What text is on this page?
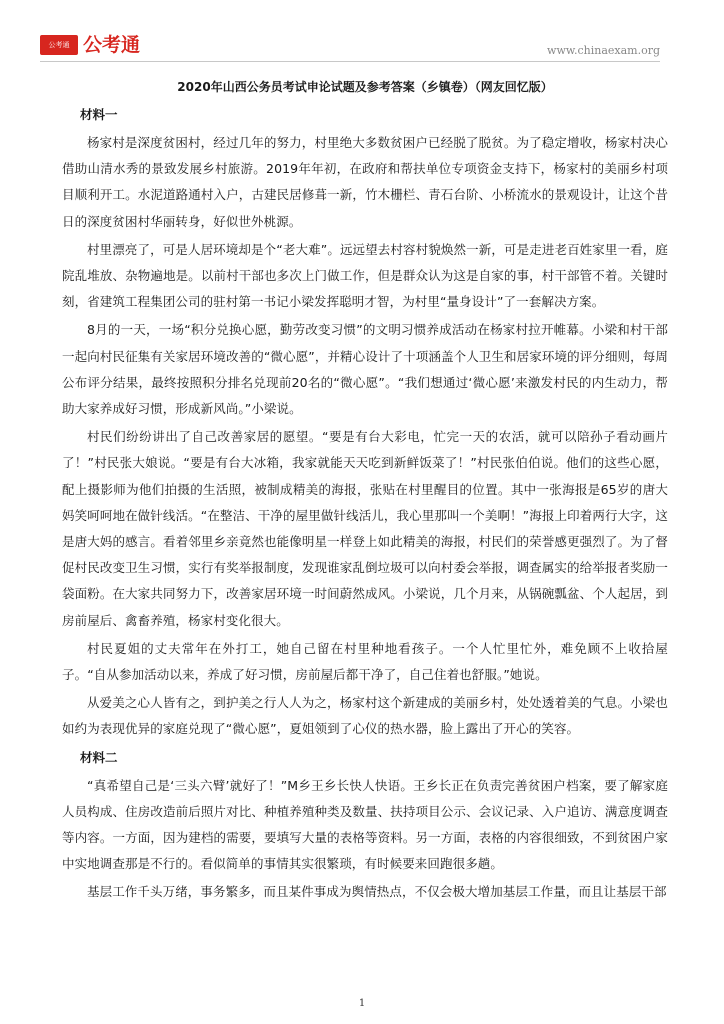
公考通 公考通	www.chinaexam.org
2020年山西公务员考试申论试题及参考答案（乡镇卷）（网友回忆版）
材料一

杨家村是深度贫困村，经过几年的努力，村里绝大多数贫困户已经脱了脱贫。为了稳定增收，杨家村决心借助山清水秀的景致发展乡村旅游。2019年年初，在政府和帮扶单位专项资金支持下，杨家村的美丽乡村项目顺利开工。水泥道路通村入户，古建民居修葺一新，竹木栅栏、青石台阶、小桥流水的景观设计，让这个昔日的深度贫困村华丽转身，好似世外桃源。

村里漂亮了，可是人居环境却是个“老大难”。远远望去村容村貌焕然一新，可是走进老百姓家里一看，庭院乱堆放、杂物遍地是。以前村干部也多次上门做工作，但是群众认为这是自家的事，村干部管不着。关键时刻，省建筑工程集团公司的驻村第一书记小梁发挥聪明才智，为村里“量身设计”了一套解决方案。

8月的一天，一场“积分兑换心愿，勤劳改变习惯”的文明习惯养成活动在杨家村拉开帷幕。小梁和村干部一起向村民征集有关家居环境改善的“微心愿”，并精心设计了十项涵盖个人卫生和居家环境的评分细则，每周公布评分结果，最终按照积分排名兑现前20名的“微心愿”。“我们想通过‘微心愿’来激发村民的内生动力，帮助大家养成好习惯，形成新风尚。”小梁说。

村民们纷纷讲出了自己改善家居的愿望。“要是有台大彩电，忙完一天的农活，就可以陪孙子看动画片了！”村民张大娘说。“要是有台大冰箱，我家就能天天吃到新鲜饭菜了！”村民张伯伯说。他们的这些心愿，配上摄影师为他们拍摄的生活照，被制成精美的海报，张贴在村里醒目的位置。其中一张海报是65岁的唐大妈笑呵呵地在做针线活。“在整洁、干净的屋里做针线活儿，我心里那叫一个美啊！”海报上印着两行大字，这是唐大妈的感言。看着邻里乡亲竟然也能像明星一样登上如此精美的海报，村民们的荣誉感更强烈了。为了督促村民改变卫生习惯，实行有奖举报制度，发现谁家乱倒垃圾可以向村委会举报，调查属实的给举报者奖励一袋面粉。在大家共同努力下，改善家居环境一时间蔚然成风。小梁说，几个月来，从锅碗瓢盆、个人起居，到房前屋后、禽畜养殖，杨家村变化很大。

村民夏姐的丈夫常年在外打工，她自己留在村里种地看孩子。一个人忙里忙外，难免顾不上收拾屋子。“自从参加活动以来，养成了好习惯，房前屋后都干净了，自己住着也舒服。”她说。

从爱美之心人皆有之，到护美之行人人为之，杨家村这个新建成的美丽乡村，处处透着美的气息。小梁也如约为表现优异的家庭兑现了“微心愿”，夏姐领到了心仪的热水器，脸上露出了开心的笑容。

材料二

“真希望自己是‘三头六臂’就好了！”M乡王乡长快人快语。王乡长正在负责完善贫困户档案，要了解家庭人员构成、住房改造前后照片对比、种植养殖种类及数量、扶持项目公示、会议记录、入户追访、满意度调查等内容。一方面，因为建档的需要，要填写大量的表格等资料。另一方面，表格的内容很细致，不到贫困户家中实地调查那是不行的。看似简单的事情其实很繁琐，有时候要来回跑很多趟。

基层工作千头万绪，事务繁多，而且某件事成为舆情热点，不仅会极大增加基层工作量，而且让基层干部

1
